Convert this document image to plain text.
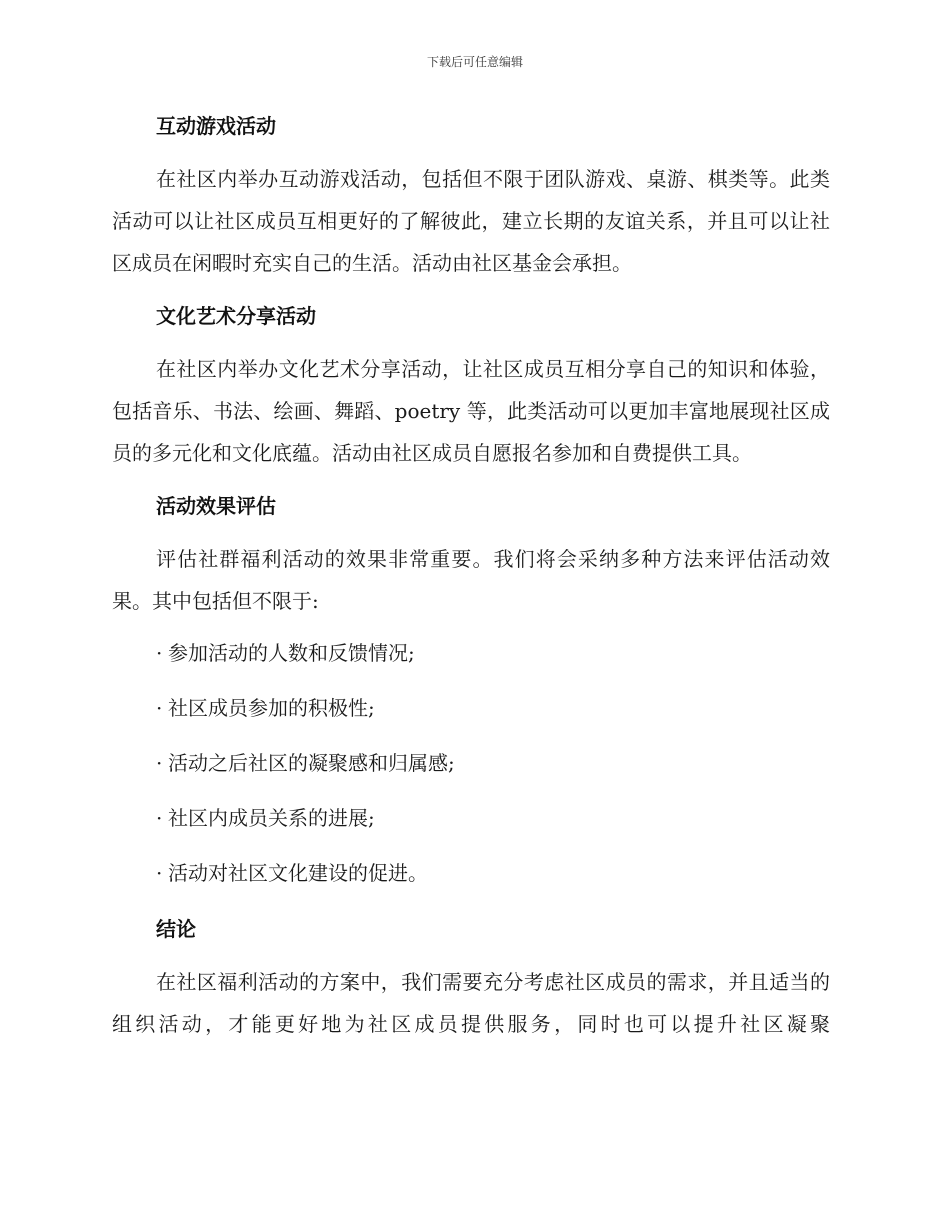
下载后可任意编辑
互动游戏活动

在社区内举办互动游戏活动，包括但不限于团队游戏、桌游、棋类等。此类活动可以让社区成员互相更好的了解彼此，建立长期的友谊关系，并且可以让社区成员在闲暇时充实自己的生活。活动由社区基金会承担。

文化艺术分享活动

在社区内举办文化艺术分享活动，让社区成员互相分享自己的知识和体验，包括音乐、书法、绘画、舞蹈、poetry 等，此类活动可以更加丰富地展现社区成员的多元化和文化底蕴。活动由社区成员自愿报名参加和自费提供工具。

活动效果评估

评估社群福利活动的效果非常重要。我们将会采纳多种方法来评估活动效果。其中包括但不限于:

· 参加活动的人数和反馈情况;
· 社区成员参加的积极性;
· 活动之后社区的凝聚感和归属感;
· 社区内成员关系的进展;
· 活动对社区文化建设的促进。
结论

在社区福利活动的方案中，我们需要充分考虑社区成员的需求，并且适当的组织活动，才能更好地为社区成员提供服务，同时也可以提升社区凝聚
